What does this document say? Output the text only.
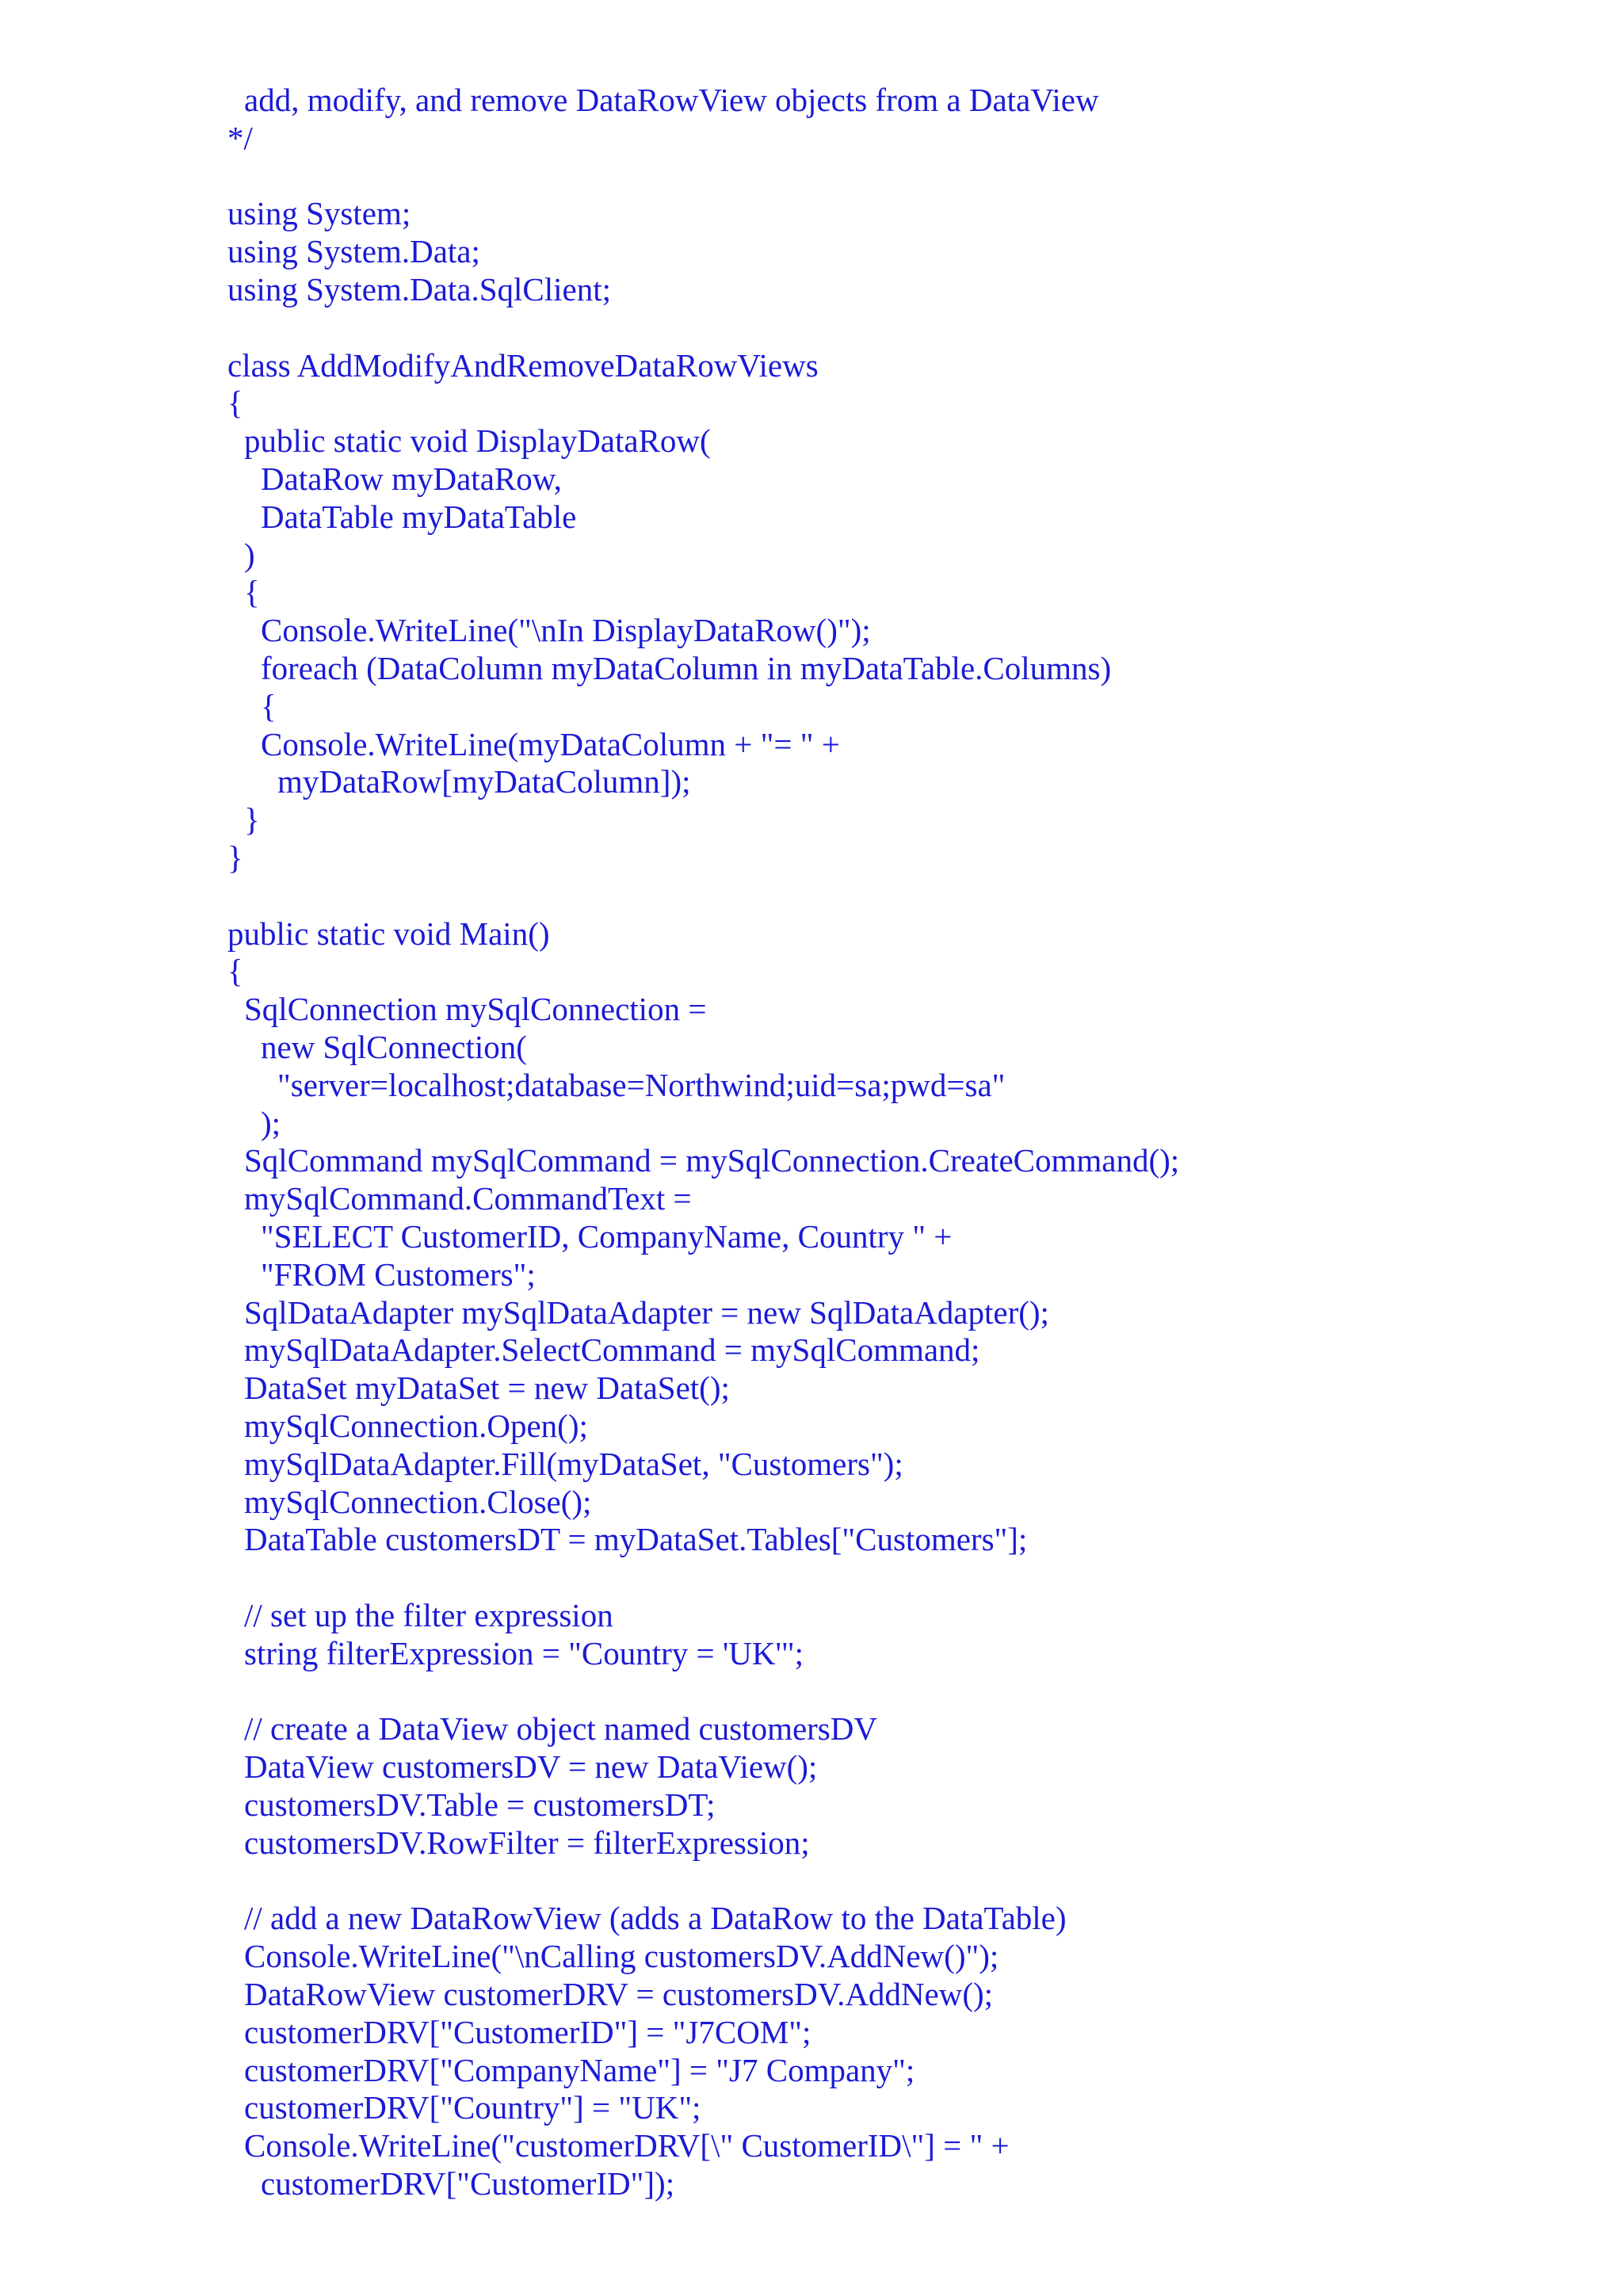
add, modify, and remove DataRowView objects from a DataView
*/
using System;
using System.Data;
using System.Data.SqlClient;
class AddModifyAndRemoveDataRowViews
{
public static void DisplayDataRow(
DataRow myDataRow,
DataTable myDataTable
)
{
Console.WriteLine("\nIn DisplayDataRow()");
foreach (DataColumn myDataColumn in myDataTable.Columns)
{
Console.WriteLine(myDataColumn + "= " +
myDataRow[myDataColumn]);
}
}
public static void Main()
{
SqlConnection mySqlConnection =
new SqlConnection(
"server=localhost;database=Northwind;uid=sa;pwd=sa"
);
SqlCommand mySqlCommand = mySqlConnection.CreateCommand();
mySqlCommand.CommandText =
"SELECT CustomerID, CompanyName, Country " +
"FROM Customers";
SqlDataAdapter mySqlDataAdapter = new SqlDataAdapter();
mySqlDataAdapter.SelectCommand = mySqlCommand;
DataSet myDataSet = new DataSet();
mySqlConnection.Open();
mySqlDataAdapter.Fill(myDataSet, "Customers");
mySqlConnection.Close();
DataTable customersDT = myDataSet.Tables["Customers"];
// set up the filter expression
string filterExpression = "Country = 'UK'";
// create a DataView object named customersDV
DataView customersDV = new DataView();
customersDV.Table = customersDT;
customersDV.RowFilter = filterExpression;
// add a new DataRowView (adds a DataRow to the DataTable)
Console.WriteLine("\nCalling customersDV.AddNew()");
DataRowView customerDRV = customersDV.AddNew();
customerDRV["CustomerID"] = "J7COM";
customerDRV["CompanyName"] = "J7 Company";
customerDRV["Country"] = "UK";
Console.WriteLine("customerDRV[\" CustomerID\"] = " +
customerDRV["CustomerID"]);
